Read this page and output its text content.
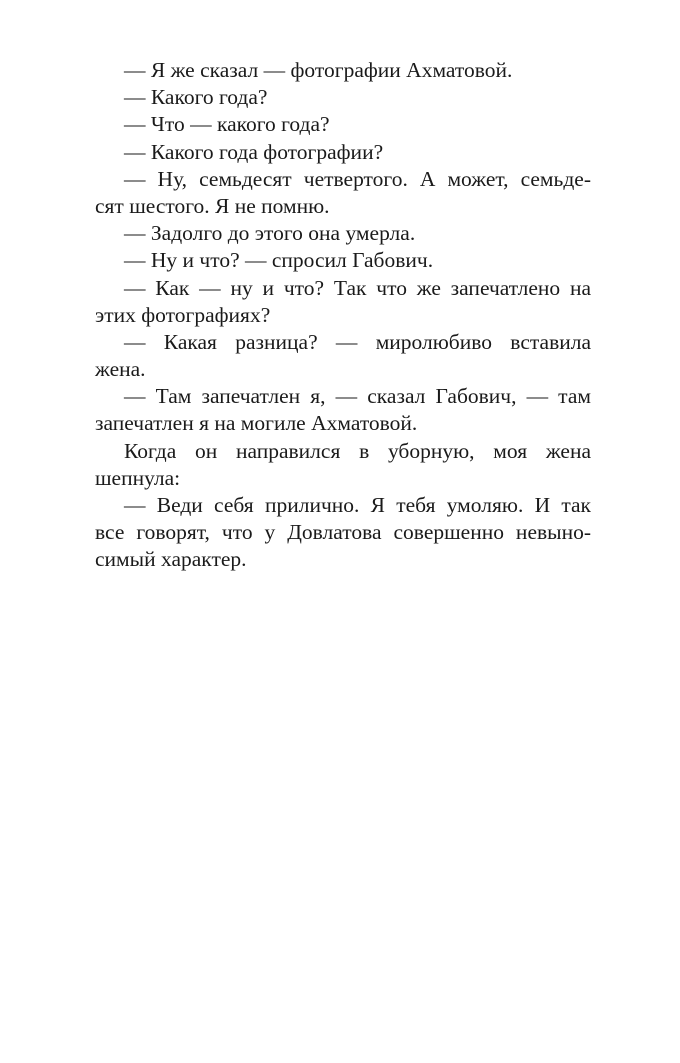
— Я же сказал — фотографии Ахматовой.
— Какого года?
— Что — какого года?
— Какого года фотографии?
— Ну, семьдесят четвертого. А может, семьде-
сят шестого. Я не помню.
— Задолго до этого она умерла.
— Ну и что? — спросил Габович.
— Как — ну и что? Так что же запечатлено на
этих фотографиях?
— Какая разница? — миролюбиво вставила
жена.
— Там запечатлен я, — сказал Габович, — там
запечатлен я на могиле Ахматовой.
Когда он направился в уборную, моя жена
шепнула:
— Веди себя прилично. Я тебя умоляю. И так
все говорят, что у Довлатова совершенно невыно-
симый характер.
